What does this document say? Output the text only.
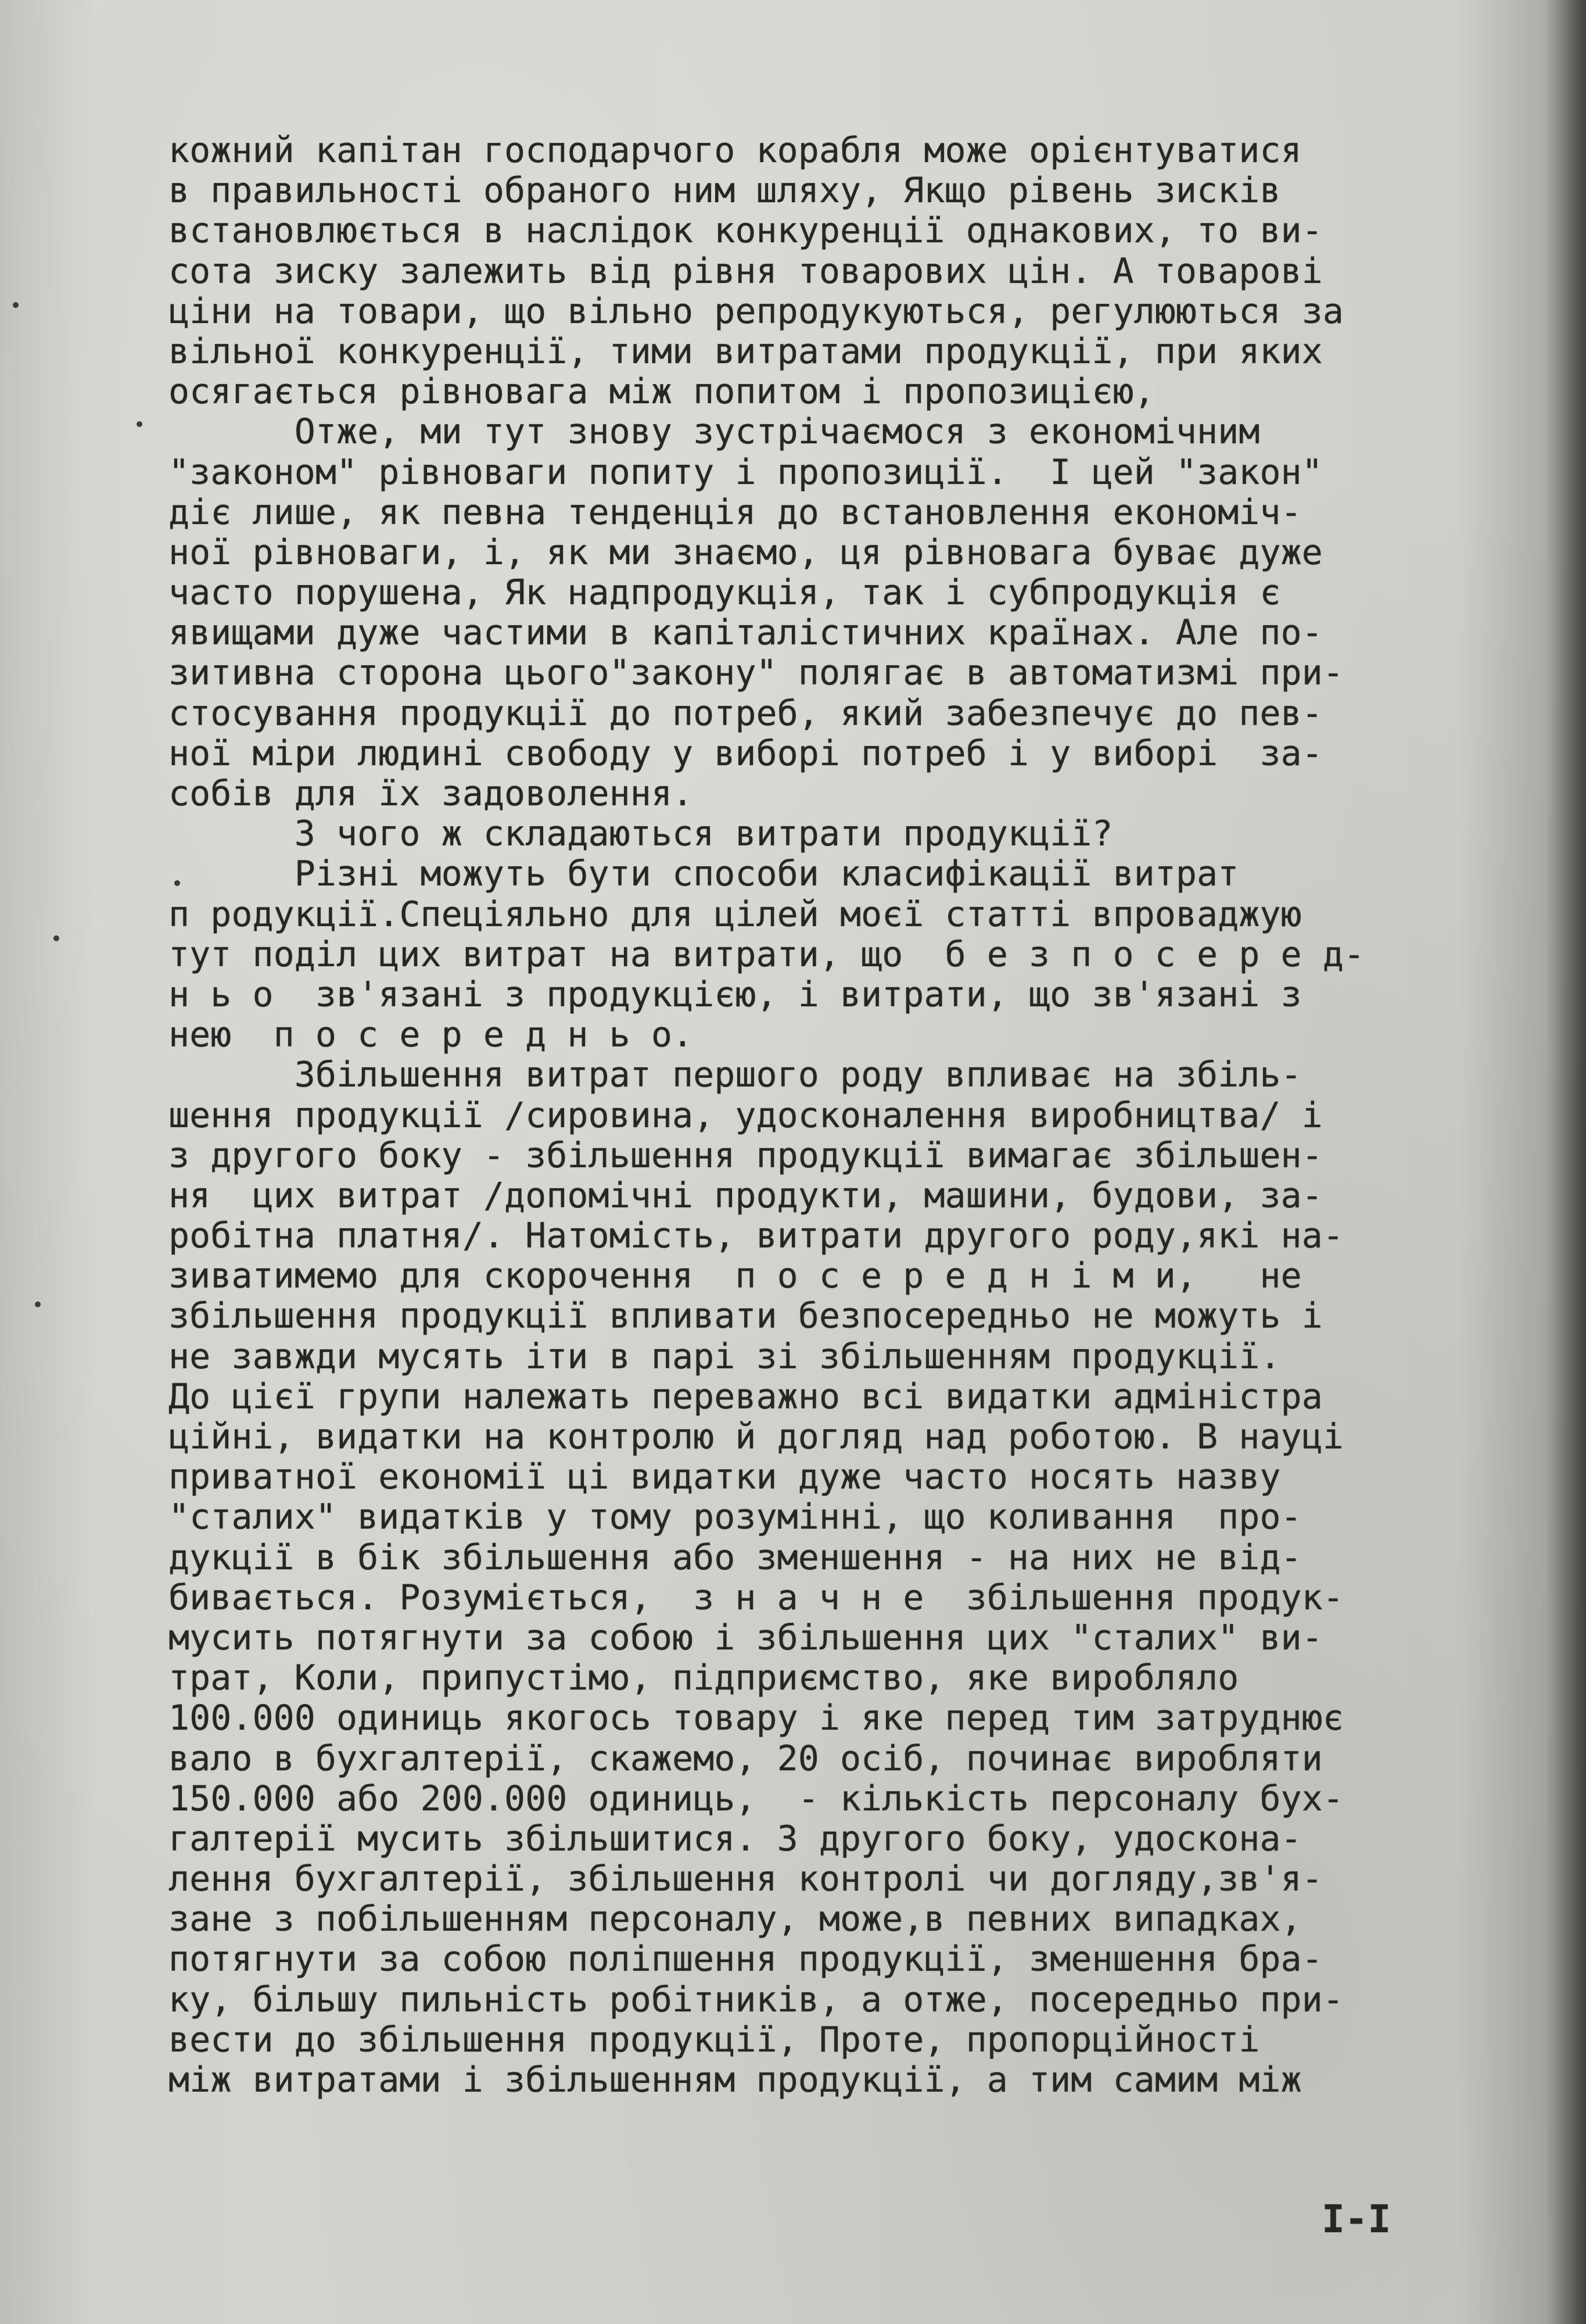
кожний капітан господарчого корабля може орієнтуватися
в правильності обраного ним шляху, Якщо рівень зисків
встановлюється в наслідок конкуренції однакових, то ви-
сота зиску залежить від рівня товарових цін. А товарові
ціни на товари, що вільно репродукуються, регулюються за
вільної конкуренції, тими витратами продукції, при яких
осягається рівновага між попитом і пропозицією,
Отже, ми тут знову зустрічаємося з економічним
"законом" рівноваги попиту і пропозиції.  І цей "закон"
діє лише, як певна тенденція до встановлення економіч-
ної рівноваги, і, як ми знаємо, ця рівновага буває дуже
часто порушена, Як надпродукція, так і субпродукція є
явищами дуже частими в капіталістичних країнах. Але по-
зитивна сторона цього"закону" полягає в автоматизмі при-
стосування продукції до потреб, який забезпечує до пев-
ної міри людині свободу у виборі потреб і у виборі  за-
собів для їх задоволення.
З чого ж складаються витрати продукції?
Різні можуть бути способи класифікації витрат
п родукції.Спеціяльно для цілей моєї статті впроваджую
тут поділ цих витрат на витрати, що  б е з п о с е р е д-
н ь о  зв'язані з продукцією, і витрати, що зв'язані з
нею  п о с е р е д н ь о.
Збільшення витрат першого роду впливає на збіль-
шення продукції /сировина, удосконалення виробництва/ і
з другого боку - збільшення продукції вимагає збільшен-
ня  цих витрат /допомічні продукти, машини, будови, за-
робітна платня/. Натомість, витрати другого роду,які на-
зиватимемо для скорочення  п о с е р е д н і м и,   не
збільшення продукції впливати безпосередньо не можуть і
не завжди мусять іти в парі зі збільшенням продукції.
До цієї групи належать переважно всі видатки адміністра
ційні, видатки на контролю й догляд над роботою. В науці
приватної економії ці видатки дуже часто носять назву
"сталих" видатків у тому розумінні, що коливання  про-
дукції в бік збільшення або зменшення - на них не від-
бивається. Розуміється,  з н а ч н е  збільшення продук-
мусить потягнути за собою і збільшення цих "сталих" ви-
трат, Коли, припустімо, підприємство, яке виробляло
100.000 одиниць якогось товару і яке перед тим затруднює
вало в бухгалтерії, скажемо, 20 осіб, починає виробляти
150.000 або 200.000 одиниць,  - кількість персоналу бух-
галтерії мусить збільшитися. З другого боку, удоскона-
лення бухгалтерії, збільшення контролі чи догляду,зв'я-
зане з побільшенням персоналу, може,в певних випадках,
потягнути за собою поліпшення продукції, зменшення бра-
ку, більшу пильність робітників, а отже, посередньо при-
вести до збільшення продукції, Проте, пропорційності
між витратами і збільшенням продукції, а тим самим між
I-I
